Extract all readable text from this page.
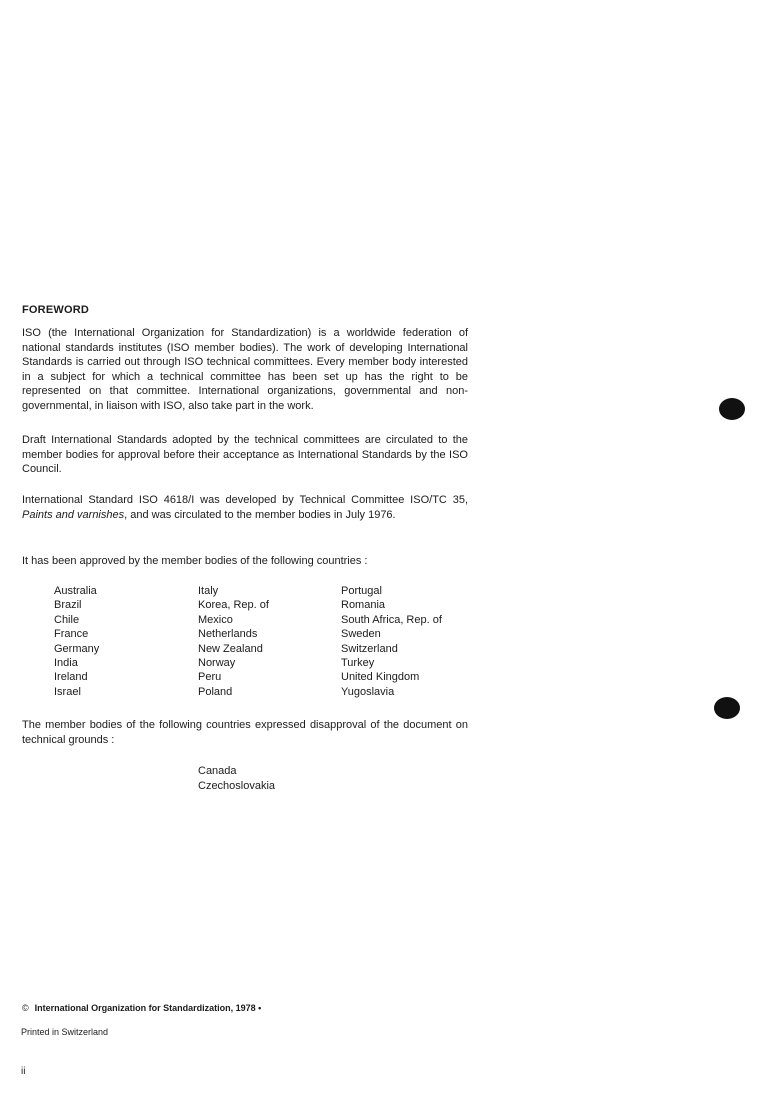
FOREWORD

ISO (the International Organization for Standardization) is a worldwide federation of national standards institutes (ISO member bodies). The work of developing International Standards is carried out through ISO technical committees. Every member body interested in a subject for which a technical committee has been set up has the right to be represented on that committee. International organizations, governmental and non-governmental, in liaison with ISO, also take part in the work.

Draft International Standards adopted by the technical committees are circulated to the member bodies for approval before their acceptance as International Standards by the ISO Council.

International Standard ISO 4618/I was developed by Technical Committee ISO/TC 35, Paints and varnishes, and was circulated to the member bodies in July 1976.

It has been approved by the member bodies of the following countries :

Australia
Brazil
Chile
France
Germany
India
Ireland
Israel
Italy
Korea, Rep. of
Mexico
Netherlands
New Zealand
Norway
Peru
Poland
Portugal
Romania
South Africa, Rep. of
Sweden
Switzerland
Turkey
United Kingdom
Yugoslavia

The member bodies of the following countries expressed disapproval of the document on technical grounds :

Canada
Czechoslovakia
© International Organization for Standardization, 1978 •
Printed in Switzerland
ii
